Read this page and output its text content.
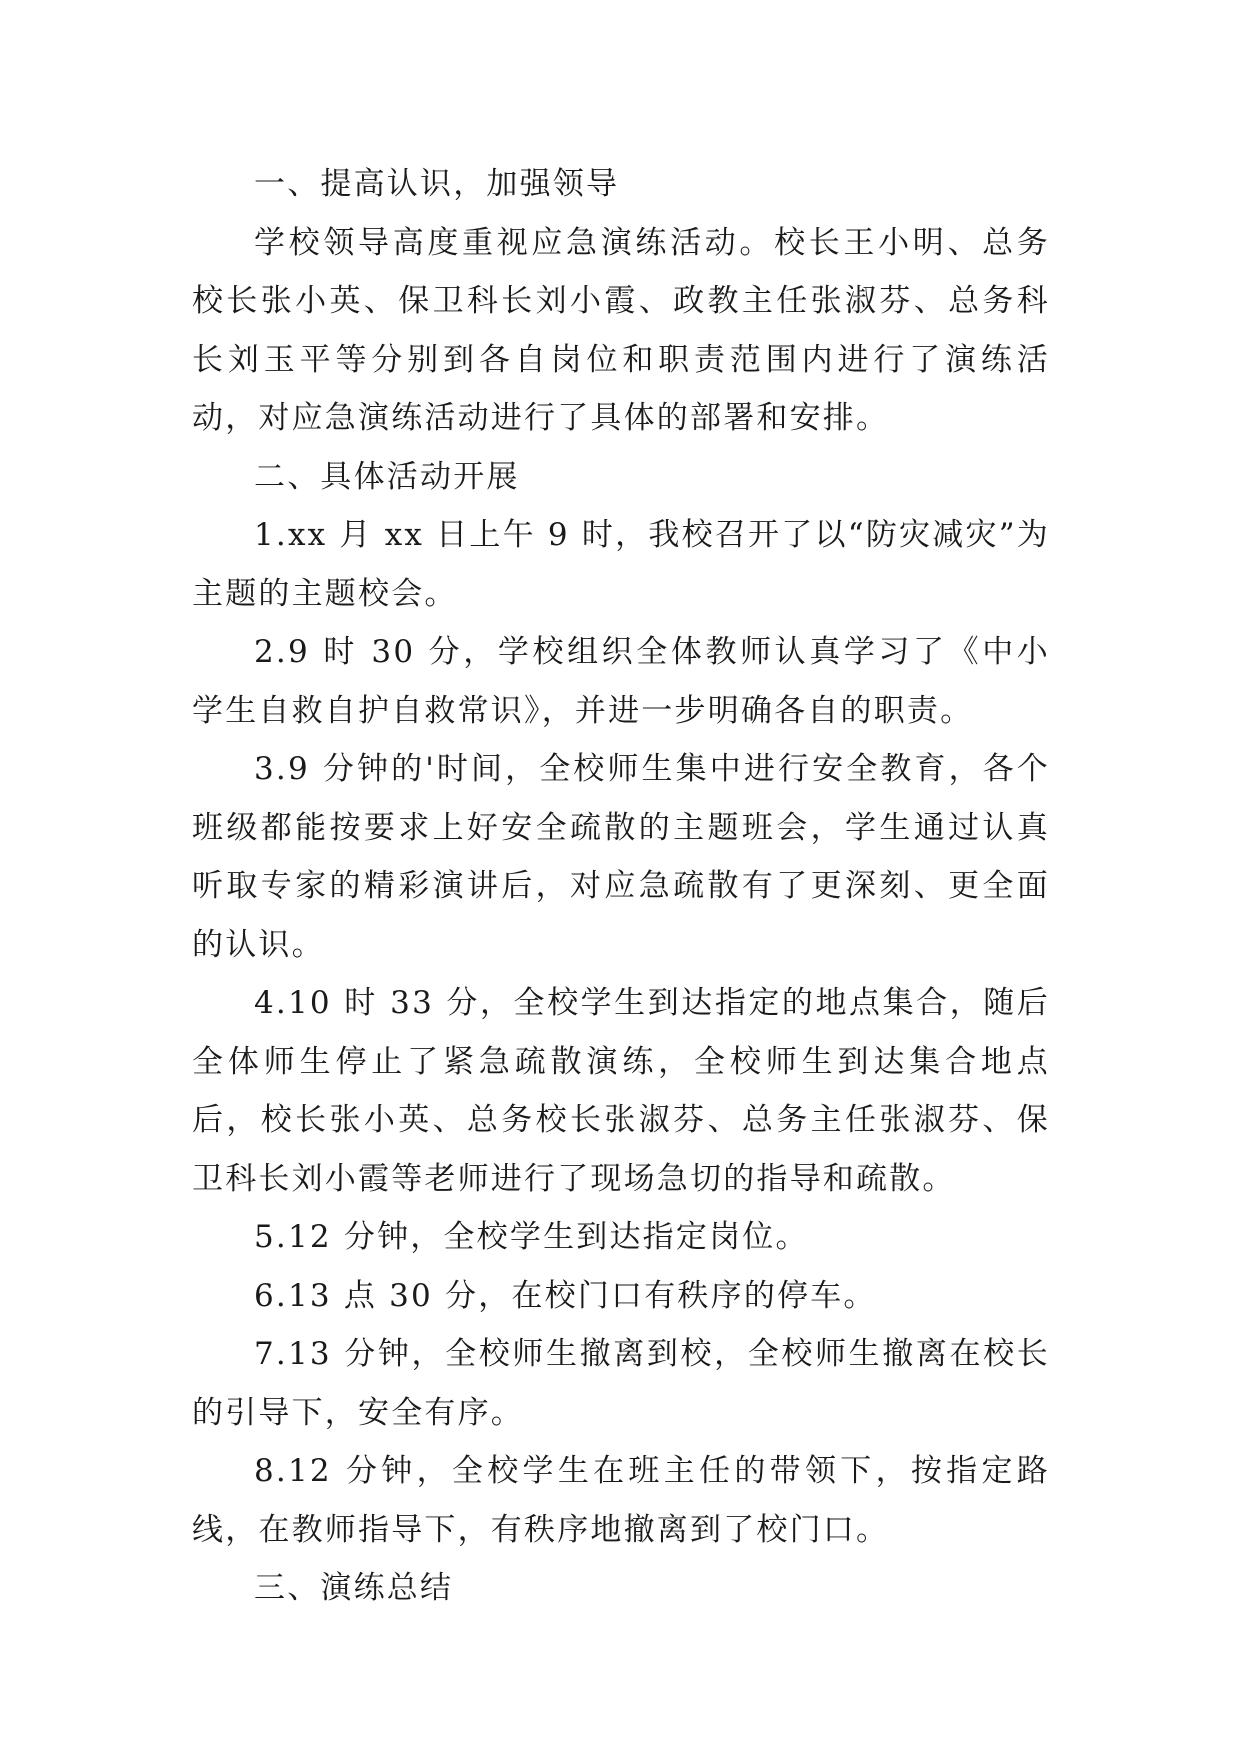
一、提高认识，加强领导

学校领导高度重视应急演练活动。校长王小明、总务校长张小英、保卫科长刘小霞、政教主任张淑芬、总务科长刘玉平等分别到各自岗位和职责范围内进行了演练活动，对应急演练活动进行了具体的部署和安排。

二、具体活动开展

1.xx 月 xx 日上午 9 时，我校召开了以“防灾减灾”为主题的主题校会。

2.9 时 30 分，学校组织全体教师认真学习了《中小学生自救自护自救常识》，并进一步明确各自的职责。

3.9 分钟的'时间，全校师生集中进行安全教育，各个班级都能按要求上好安全疏散的主题班会，学生通过认真听取专家的精彩演讲后，对应急疏散有了更深刻、更全面的认识。

4.10 时 33 分，全校学生到达指定的地点集合，随后全体师生停止了紧急疏散演练，全校师生到达集合地点后，校长张小英、总务校长张淑芬、总务主任张淑芬、保卫科长刘小霞等老师进行了现场急切的指导和疏散。

5.12 分钟，全校学生到达指定岗位。

6.13 点 30 分，在校门口有秩序的停车。

7.13 分钟，全校师生撤离到校，全校师生撤离在校长的引导下，安全有序。

8.12 分钟，全校学生在班主任的带领下，按指定路线，在教师指导下，有秩序地撤离到了校门口。

三、演练总结
